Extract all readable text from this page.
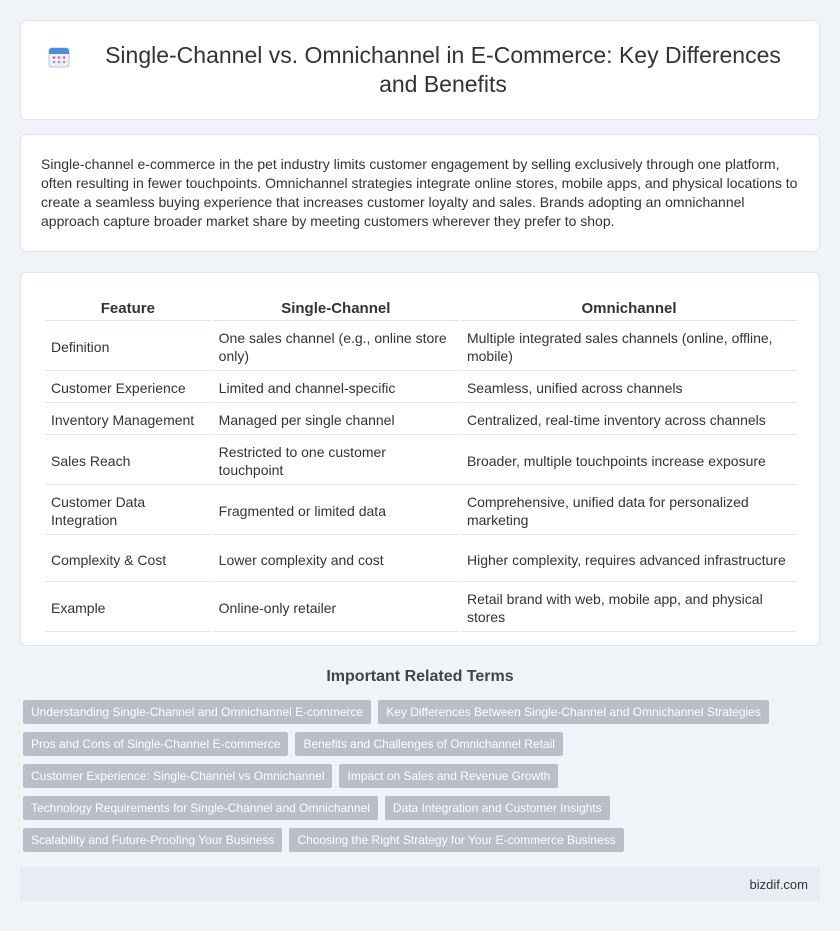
Single-Channel vs. Omnichannel in E-Commerce: Key Differences and Benefits

Single-channel e-commerce in the pet industry limits customer engagement by selling exclusively through one platform, often resulting in fewer touchpoints. Omnichannel strategies integrate online stores, mobile apps, and physical locations to create a seamless buying experience that increases customer loyalty and sales. Brands adopting an omnichannel approach capture broader market share by meeting customers wherever they prefer to shop.

Feature	Single-Channel	Omnichannel
Definition	One sales channel (e.g., online store only)	Multiple integrated sales channels (online, offline, mobile)
Customer Experience	Limited and channel-specific	Seamless, unified across channels
Inventory Management	Managed per single channel	Centralized, real-time inventory across channels
Sales Reach	Restricted to one customer touchpoint	Broader, multiple touchpoints increase exposure
Customer Data Integration	Fragmented or limited data	Comprehensive, unified data for personalized marketing
Complexity & Cost	Lower complexity and cost	Higher complexity, requires advanced infrastructure
Example	Online-only retailer	Retail brand with web, mobile app, and physical stores
Important Related Terms
Understanding Single-Channel and Omnichannel E-commerce	Key Differences Between Single-Channel and Omnichannel Strategies
Pros and Cons of Single-Channel E-commerce	Benefits and Challenges of Omnichannel Retail
Customer Experience: Single-Channel vs Omnichannel	Impact on Sales and Revenue Growth
Technology Requirements for Single-Channel and Omnichannel	Data Integration and Customer Insights
Scalability and Future-Proofing Your Business	Choosing the Right Strategy for Your E-commerce Business
bizdif.com
